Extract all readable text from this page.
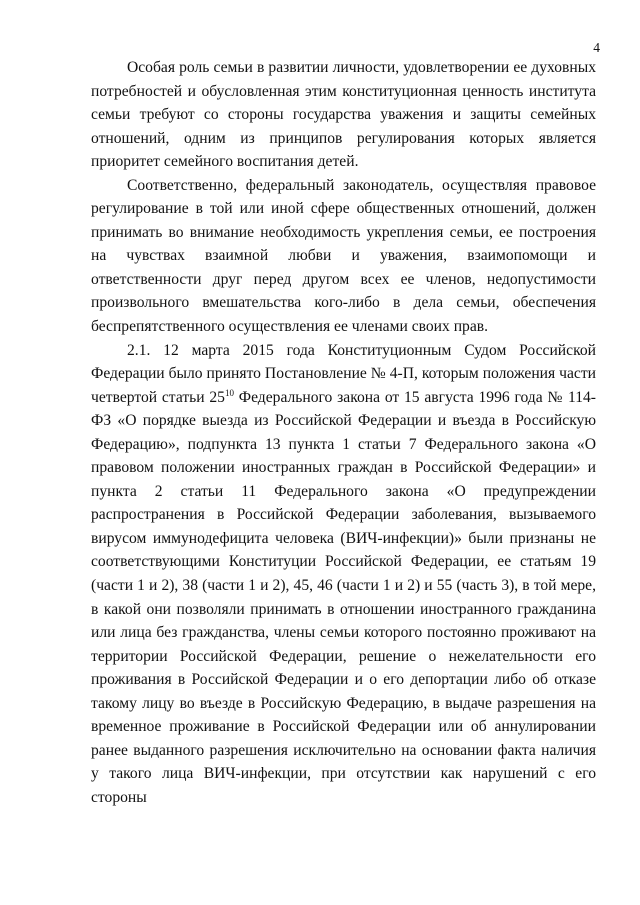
4

Особая роль семьи в развитии личности, удовлетворении ее духовных потребностей и обусловленная этим конституционная ценность института семьи требуют со стороны государства уважения и защиты семейных отношений, одним из принципов регулирования которых является приоритет семейного воспитания детей.

Соответственно, федеральный законодатель, осуществляя правовое регулирование в той или иной сфере общественных отношений, должен принимать во внимание необходимость укрепления семьи, ее построения на чувствах взаимной любви и уважения, взаимопомощи и ответственности друг перед другом всех ее членов, недопустимости произвольного вмешательства кого-либо в дела семьи, обеспечения беспрепятственного осуществления ее членами своих прав.

2.1. 12 марта 2015 года Конституционным Судом Российской Федерации было принято Постановление № 4-П, которым положения части четвертой статьи $25^{10}$ Федерального закона от 15 августа 1996 года № 114-ФЗ «О порядке выезда из Российской Федерации и въезда в Российскую Федерацию», подпункта 13 пункта 1 статьи 7 Федерального закона «О правовом положении иностранных граждан в Российской Федерации» и пункта 2 статьи 11 Федерального закона «О предупреждении распространения в Российской Федерации заболевания, вызываемого вирусом иммунодефицита человека (ВИЧ-инфекции)» были признаны не соответствующими Конституции Российской Федерации, ее статьям 19 (части 1 и 2), 38 (части 1 и 2), 45, 46 (части 1 и 2) и 55 (часть 3), в той мере, в какой они позволяли принимать в отношении иностранного гражданина или лица без гражданства, члены семьи которого постоянно проживают на территории Российской Федерации, решение о нежелательности его проживания в Российской Федерации и о его депортации либо об отказе такому лицу во въезде в Российскую Федерацию, в выдаче разрешения на временное проживание в Российской Федерации или об аннулировании ранее выданного разрешения исключительно на основании факта наличия у такого лица ВИЧ-инфекции, при отсутствии как нарушений с его стороны
